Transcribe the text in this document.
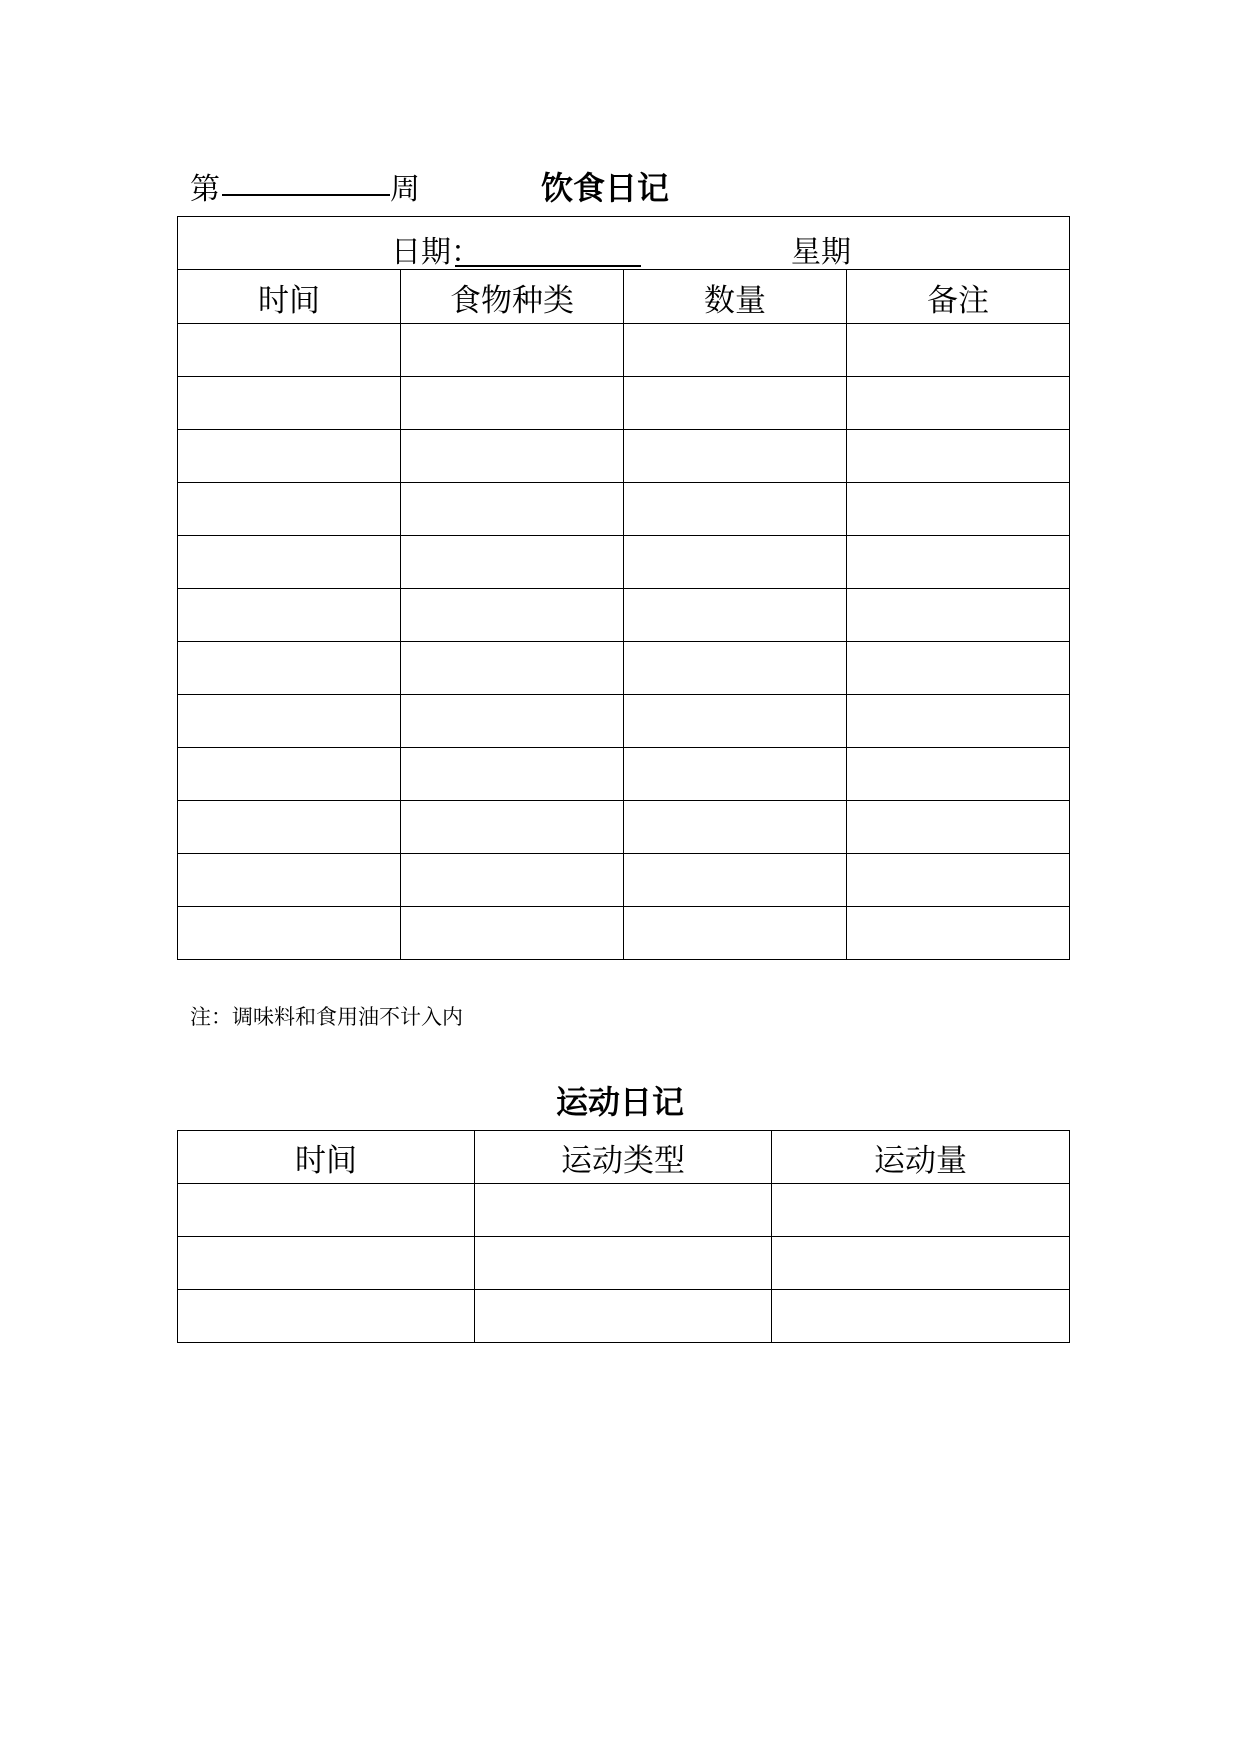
第	周	饮食日记
日期 ： 星期			

时间	食物种类	数量	备注

注：调味料和食用油不计入内
运动日记
时间	运动类型	运动量
